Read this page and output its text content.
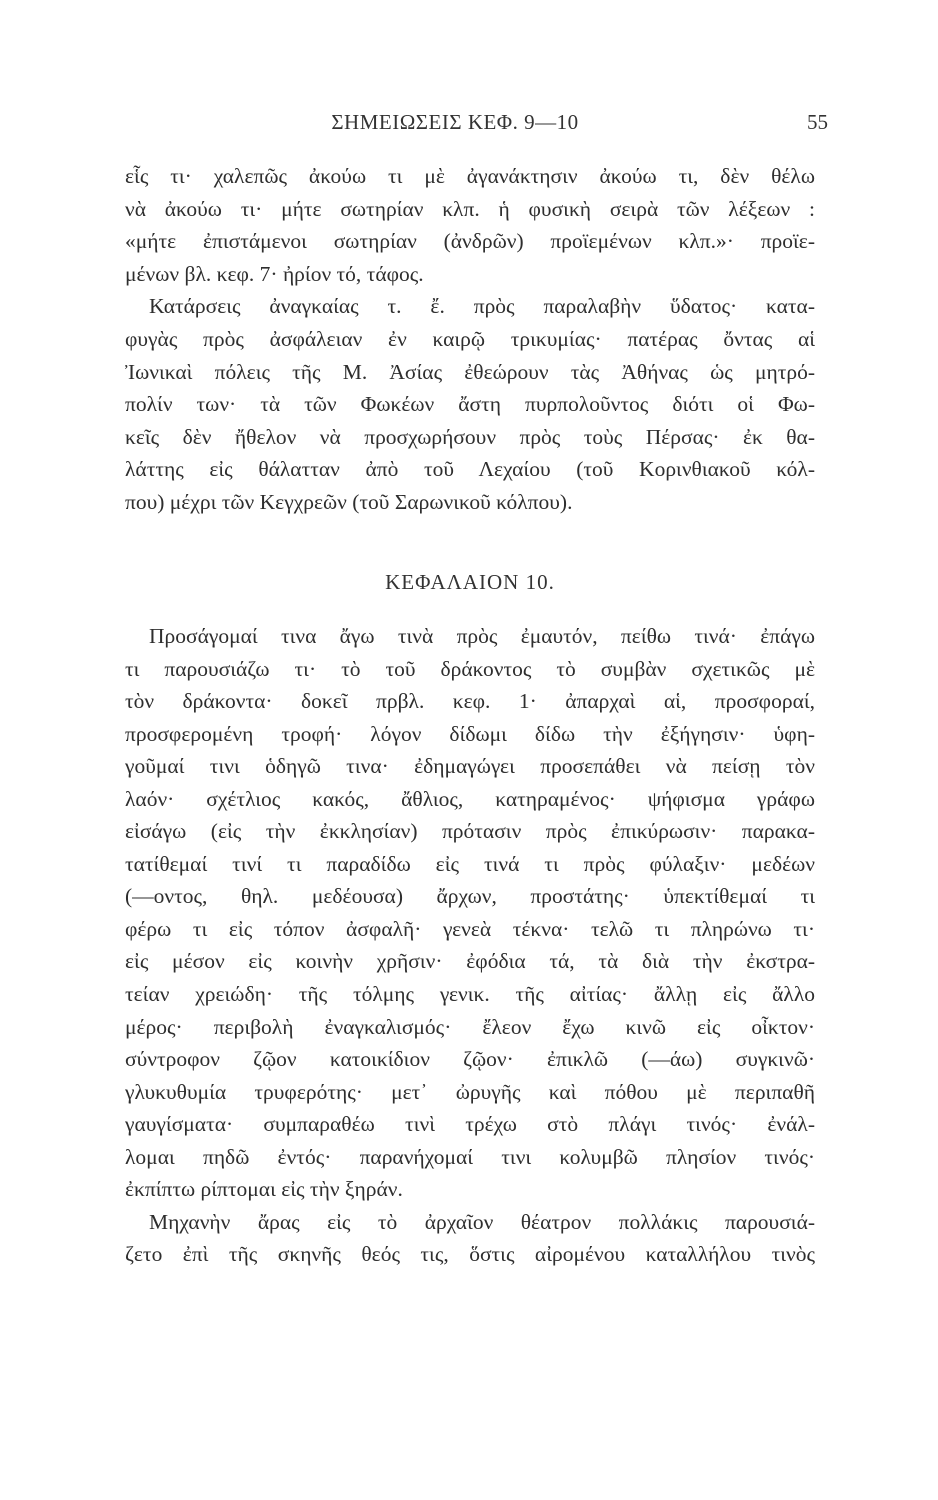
ΣΗΜΕΙΩΣΕΙΣ ΚΕΦ. 9—10	55
εἷς τι· χαλεπῶς ἀκούω τι μὲ ἀγανάκτησιν ἀκούω τι, δὲν θέλω
νὰ ἀκούω τι· μήτε σωτηρίαν κλπ. ἡ φυσικὴ σειρὰ τῶν λέξεων :
«μήτε ἐπιστάμενοι σωτηρίαν (ἀνδρῶν) προϊεμένων κλπ.»· προϊε-
μένων βλ. κεφ. 7· ἠρίον τό, τάφος.
Κατάρσεις ἀναγκαίας τ. ἔ. πρὸς παραλαβὴν ὕδατος· κατα-
φυγὰς πρὸς ἀσφάλειαν ἐν καιρῷ τρικυμίας· πατέρας ὄντας αἱ
Ἰωνικαὶ πόλεις τῆς Μ. Ἀσίας ἐθεώρουν τὰς Ἀθήνας ὡς μητρό-
πολίν των· τὰ τῶν Φωκέων ἄστη πυρπολοῦντος διότι οἱ Φω-
κεῖς δὲν ἤθελον νὰ προσχωρήσουν πρὸς τοὺς Πέρσας· ἐκ θα-
λάττης εἰς θάλατταν ἀπὸ τοῦ Λεχαίου (τοῦ Κορινθιακοῦ κόλ-
που) μέχρι τῶν Κεγχρεῶν (τοῦ Σαρωνικοῦ κόλπου).
ΚΕΦΑΛΑΙΟΝ 10.
Προσάγομαί τινα ἄγω τινὰ πρὸς ἐμαυτόν, πείθω τινά· ἐπάγω
τι παρουσιάζω τι· τὸ τοῦ δράκοντος τὸ συμβὰν σχετικῶς μὲ
τὸν δράκοντα· δοκεῖ πρβλ. κεφ. 1· ἀπαρχαὶ αἱ, προσφοραί,
προσφερομένη τροφή· λόγον δίδωμι δίδω τὴν ἐξήγησιν· ὑφη-
γοῦμαί τινι ὁδηγῶ τινα· ἐδημαγώγει προσεπάθει νὰ πείσῃ τὸν
λαόν· σχέτλιος κακός, ἄθλιος, κατηραμένος· ψήφισμα γράφω
εἰσάγω (εἰς τὴν ἐκκλησίαν) πρότασιν πρὸς ἐπικύρωσιν· παρακα-
τατίθεμαί τινί τι παραδίδω εἰς τινά τι πρὸς φύλαξιν· μεδέων
(—οντος, θηλ. μεδέουσα) ἄρχων, προστάτης· ὑπεκτίθεμαί τι
φέρω τι εἰς τόπον ἀσφαλῆ· γενεὰ τέκνα· τελῶ τι πληρώνω τι·
εἰς μέσον εἰς κοινὴν χρῆσιν· ἐφόδια τά, τὰ διὰ τὴν ἐκστρα-
τείαν χρειώδη· τῆς τόλμης γενικ. τῆς αἰτίας· ἄλλῃ εἰς ἄλλο
μέρος· περιβολὴ ἐναγκαλισμός· ἔλεον ἔχω κινῶ εἰς οἶκτον·
σύντροφον ζῷον κατοικίδιον ζῷον· ἐπικλῶ (—άω) συγκινῶ·
γλυκυθυμία τρυφερότης· μετ᾽ ὠρυγῆς καὶ πόθου μὲ περιπαθῆ
γαυγίσματα· συμπαραθέω τινὶ τρέχω στὸ πλάγι τινός· ἐνάλ-
λομαι πηδῶ ἐντός· παρανήχομαί τινι κολυμβῶ πλησίον τινός·
ἐκπίπτω ρίπτομαι εἰς τὴν ξηράν.
Μηχανὴν ἄρας εἰς τὸ ἀρχαῖον θέατρον πολλάκις παρουσιά-
ζετο ἐπὶ τῆς σκηνῆς θεός τις, ὅστις αἰρομένου καταλλήλου τινὸς
